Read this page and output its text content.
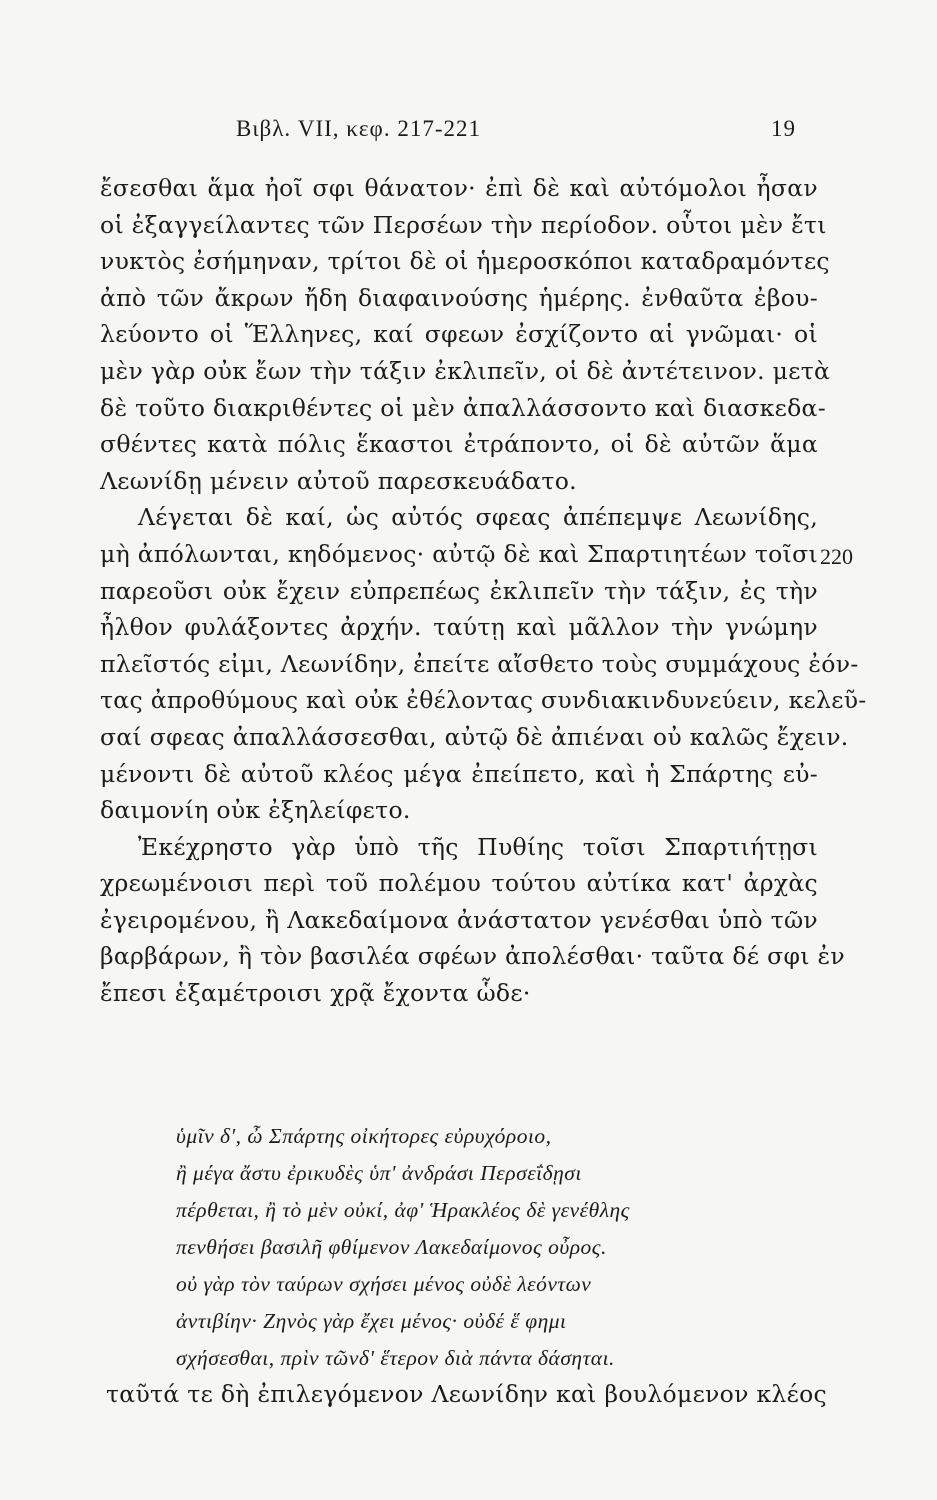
Βιβλ. VII, κεφ. 217-221	19

ἔσεσθαι ἅμα ἠοῖ σφι θάνατον· ἐπὶ δὲ καὶ αὐτόμολοι ἦσαν
οἱ ἐξαγγείλαντες τῶν Περσέων τὴν περίοδον. οὗτοι μὲν ἔτι
νυκτὸς ἐσήμηναν, τρίτοι δὲ οἱ ἡμεροσκόποι καταδραμόντες
ἀπὸ τῶν ἄκρων ἤδη διαφαινούσης ἡμέρης. ἐνθαῦτα ἐβου-
λεύοντο οἱ Ἕλληνες, καί σφεων ἐσχίζοντο αἱ γνῶμαι· οἱ
μὲν γὰρ οὐκ ἔων τὴν τάξιν ἐκλιπεῖν, οἱ δὲ ἀντέτεινον. μετὰ
δὲ τοῦτο διακριθέντες οἱ μὲν ἀπαλλάσσοντο καὶ διασκεδα-
σθέντες κατὰ πόλις ἕκαστοι ἐτράποντο, οἱ δὲ αὐτῶν ἅμα
Λεωνίδῃ μένειν αὐτοῦ παρεσκευάδατο.

Λέγεται δὲ καί, ὡς αὐτός σφεας ἀπέπεμψε Λεωνίδης,
μὴ ἀπόλωνται, κηδόμενος· αὐτῷ δὲ καὶ Σπαρτιητέων τοῖσι
παρεοῦσι οὐκ ἔχειν εὐπρεπέως ἐκλιπεῖν τὴν τάξιν, ἐς τὴν
ἦλθον φυλάξοντες ἀρχήν. ταύτῃ καὶ μᾶλλον τὴν γνώμην
πλεῖστός εἰμι, Λεωνίδην, ἐπείτε αἴσθετο τοὺς συμμάχους ἐόν-
τας ἀπροθύμους καὶ οὐκ ἐθέλοντας συνδιακινδυνεύειν, κελεῦ-
σαί σφεας ἀπαλλάσσεσθαι, αὐτῷ δὲ ἀπιέναι οὐ καλῶς ἔχειν.
μένοντι δὲ αὐτοῦ κλέος μέγα ἐπείπετο, καὶ ἡ Σπάρτης εὐ-
δαιμονίη οὐκ ἐξηλείφετο.

Ἐκέχρηστο γὰρ ὑπὸ τῆς Πυθίης τοῖσι Σπαρτιήτῃσι
χρεωμένοισι περὶ τοῦ πολέμου τούτου αὐτίκα κατ' ἀρχὰς
ἐγειρομένου, ἢ Λακεδαίμονα ἀνάστατον γενέσθαι ὑπὸ τῶν
βαρβάρων, ἢ τὸν βασιλέα σφέων ἀπολέσθαι· ταῦτα δέ σφι ἐν
ἔπεσι ἑξαμέτροισι χρᾷ ἔχοντα ὧδε·

220
ὑμῖν δ', ὦ Σπάρτης οἰκήτορες εὐρυχόροιο,
ἢ μέγα ἄστυ ἐρικυδὲς ὑπ' ἀνδράσι Περσεΐδῃσι
πέρθεται, ἢ τὸ μὲν οὐκί, ἀφ' Ἡρακλέος δὲ γενέθλης
πενθήσει βασιλῆ φθίμενον Λακεδαίμονος οὖρος.
οὐ γὰρ τὸν ταύρων σχήσει μένος οὐδὲ λεόντων
ἀντιβίην· Ζηνὸς γὰρ ἔχει μένος· οὐδέ ἕ φημι
σχήσεσθαι, πρὶν τῶνδ' ἕτερον διὰ πάντα δάσηται.
ταῦτά τε δὴ ἐπιλεγόμενον Λεωνίδην καὶ βουλόμενον κλέος
